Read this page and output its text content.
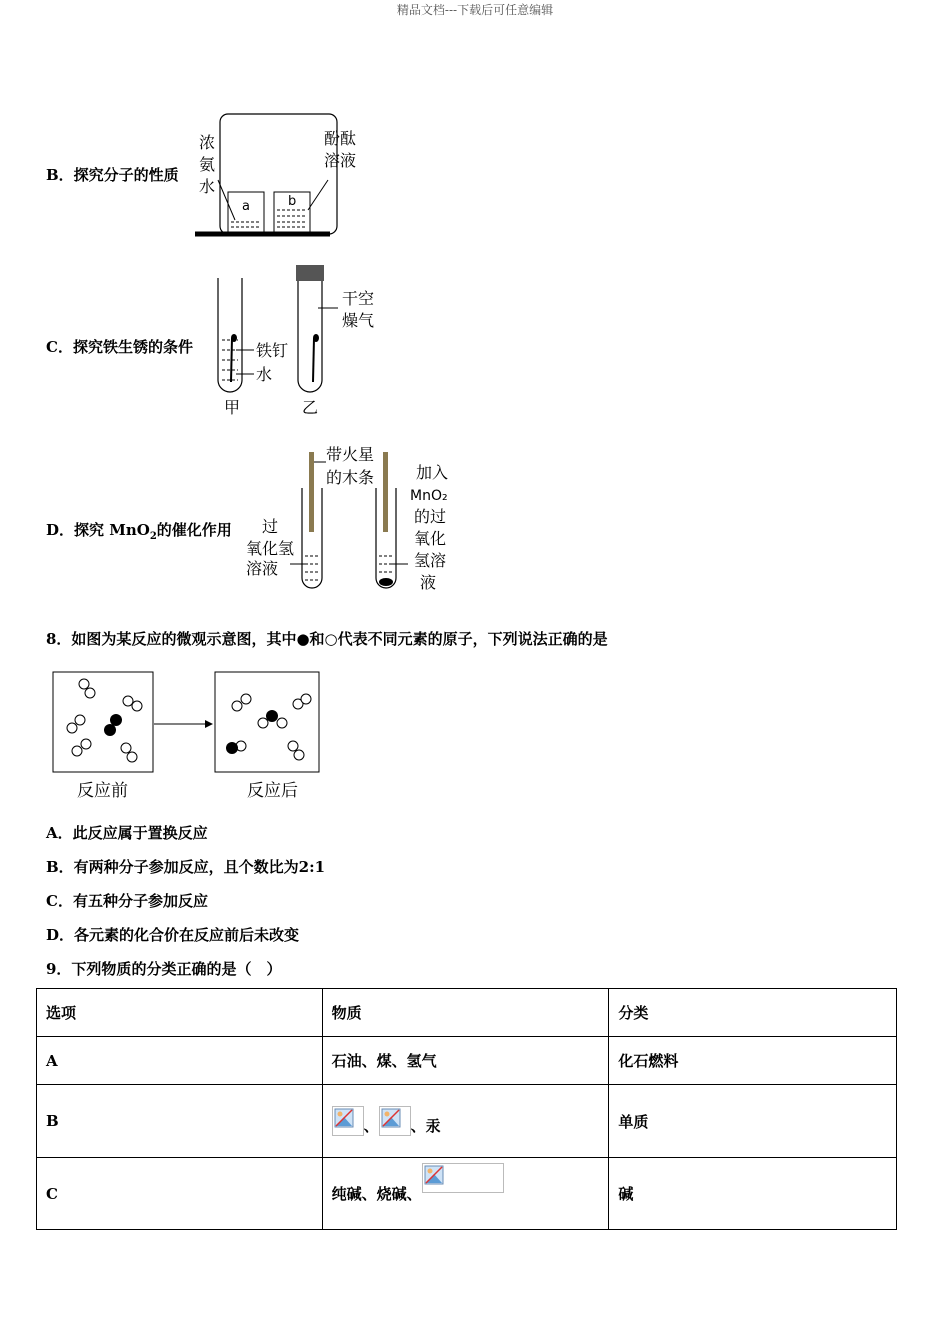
精品文档---下载后可任意编辑
B．探究分子的性质
a	b
浓
氨
水
酚酞
溶液
C．探究铁生锈的条件	铁钉
水
干空
燥气
甲	乙
D．探究 MnO$_2$的催化作用
带火星
的木条
过
氧化氢
溶液
加入
MnO₂
的过
氧化
氢溶
液
8．如图为某反应的微观示意图，其中●和○代表不同元素的原子，下列说法正确的是
反应前	反应后
A．此反应属于置换反应
B．有两种分子参加反应，且个数比为2:1
C．有五种分子参加反应
D．各元素的化合价在反应前后未改变
9．下列物质的分类正确的是（　）
选项	物质	分类
A	石油、煤、氢气	化石燃料
B	、 、汞	单质
C	纯碱、烧碱、	碱
